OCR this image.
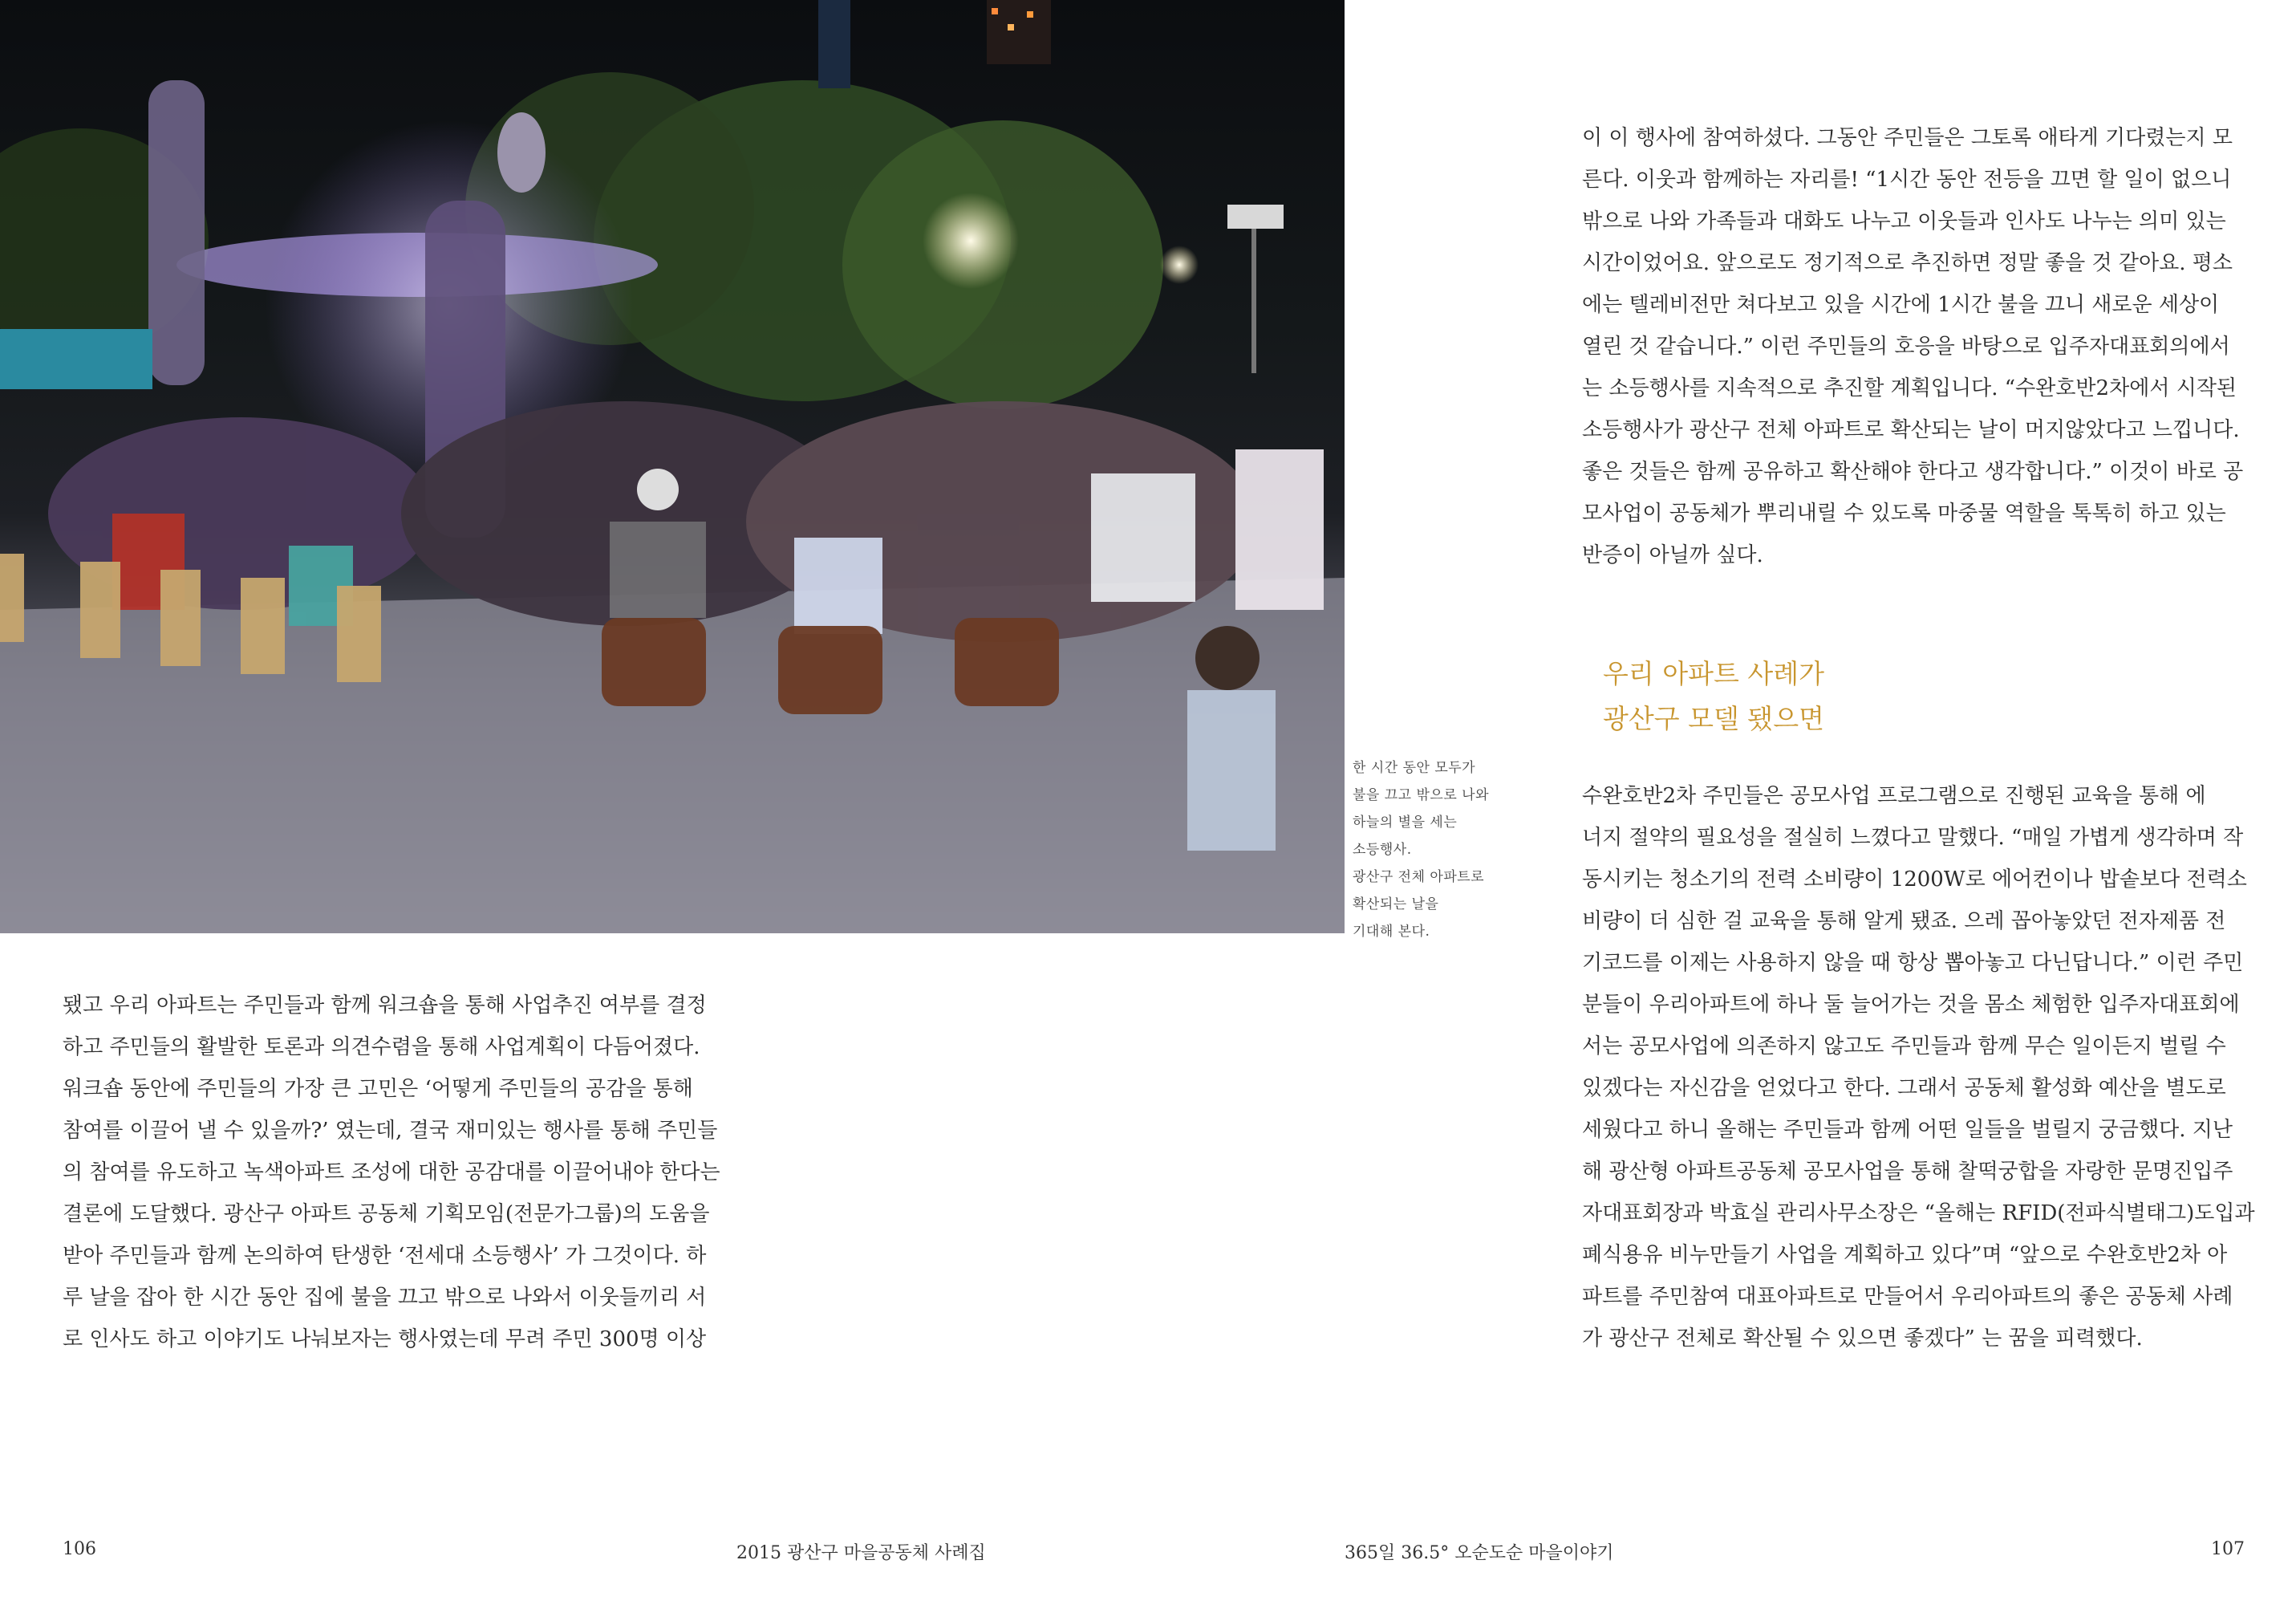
한 시간 동안 모두가
불을 끄고 밖으로 나와
하늘의 별을 세는
소등행사.
광산구 전체 아파트로
확산되는 날을
기대해 본다.
됐고 우리 아파트는 주민들과 함께 워크숍을 통해 사업추진 여부를 결정
하고 주민들의 활발한 토론과 의견수렴을 통해 사업계획이 다듬어졌다.
워크숍 동안에 주민들의 가장 큰 고민은 ‘어떻게 주민들의 공감을 통해
참여를 이끌어 낼 수 있을까?’ 였는데, 결국 재미있는 행사를 통해 주민들
의 참여를 유도하고 녹색아파트 조성에 대한 공감대를 이끌어내야 한다는
결론에 도달했다. 광산구 아파트 공동체 기획모임(전문가그룹)의 도움을
받아 주민들과 함께 논의하여 탄생한 ‘전세대 소등행사’ 가 그것이다. 하
루 날을 잡아 한 시간 동안 집에 불을 끄고 밖으로 나와서 이웃들끼리 서
로 인사도 하고 이야기도 나눠보자는 행사였는데 무려 주민 300명 이상
이 이 행사에 참여하셨다. 그동안 주민들은 그토록 애타게 기다렸는지 모
른다. 이웃과 함께하는 자리를! “1시간 동안 전등을 끄면 할 일이 없으니
밖으로 나와 가족들과 대화도 나누고 이웃들과 인사도 나누는 의미 있는
시간이었어요. 앞으로도 정기적으로 추진하면 정말 좋을 것 같아요. 평소
에는 텔레비전만 쳐다보고 있을 시간에 1시간 불을 끄니 새로운 세상이
열린 것 같습니다.” 이런 주민들의 호응을 바탕으로 입주자대표회의에서
는 소등행사를 지속적으로 추진할 계획입니다. “수완호반2차에서 시작된
소등행사가 광산구 전체 아파트로 확산되는 날이 머지않았다고 느낍니다.
좋은 것들은 함께 공유하고 확산해야 한다고 생각합니다.” 이것이 바로 공
모사업이 공동체가 뿌리내릴 수 있도록 마중물 역할을 톡톡히 하고 있는
반증이 아닐까 싶다.
우리 아파트 사례가
광산구 모델 됐으면
수완호반2차 주민들은 공모사업 프로그램으로 진행된 교육을 통해 에
너지 절약의 필요성을 절실히 느꼈다고 말했다. “매일 가볍게 생각하며 작
동시키는 청소기의 전력 소비량이 1200W로 에어컨이나 밥솥보다 전력소
비량이 더 심한 걸 교육을 통해 알게 됐죠. 으레 꼽아놓았던 전자제품 전
기코드를 이제는 사용하지 않을 때 항상 뽑아놓고 다닌답니다.” 이런 주민
분들이 우리아파트에 하나 둘 늘어가는 것을 몸소 체험한 입주자대표회에
서는 공모사업에 의존하지 않고도 주민들과 함께 무슨 일이든지 벌릴 수
있겠다는 자신감을 얻었다고 한다. 그래서 공동체 활성화 예산을 별도로
세웠다고 하니 올해는 주민들과 함께 어떤 일들을 벌릴지 궁금했다. 지난
해 광산형 아파트공동체 공모사업을 통해 찰떡궁합을 자랑한 문명진입주
자대표회장과 박효실 관리사무소장은 “올해는 RFID(전파식별태그)도입과
폐식용유 비누만들기 사업을 계획하고 있다”며 “앞으로 수완호반2차 아
파트를 주민참여 대표아파트로 만들어서 우리아파트의 좋은 공동체 사례
가 광산구 전체로 확산될 수 있으면 좋겠다” 는 꿈을 피력했다.
106	2015 광산구 마을공동체 사례집	365일 36.5° 오순도순 마을이야기	107
